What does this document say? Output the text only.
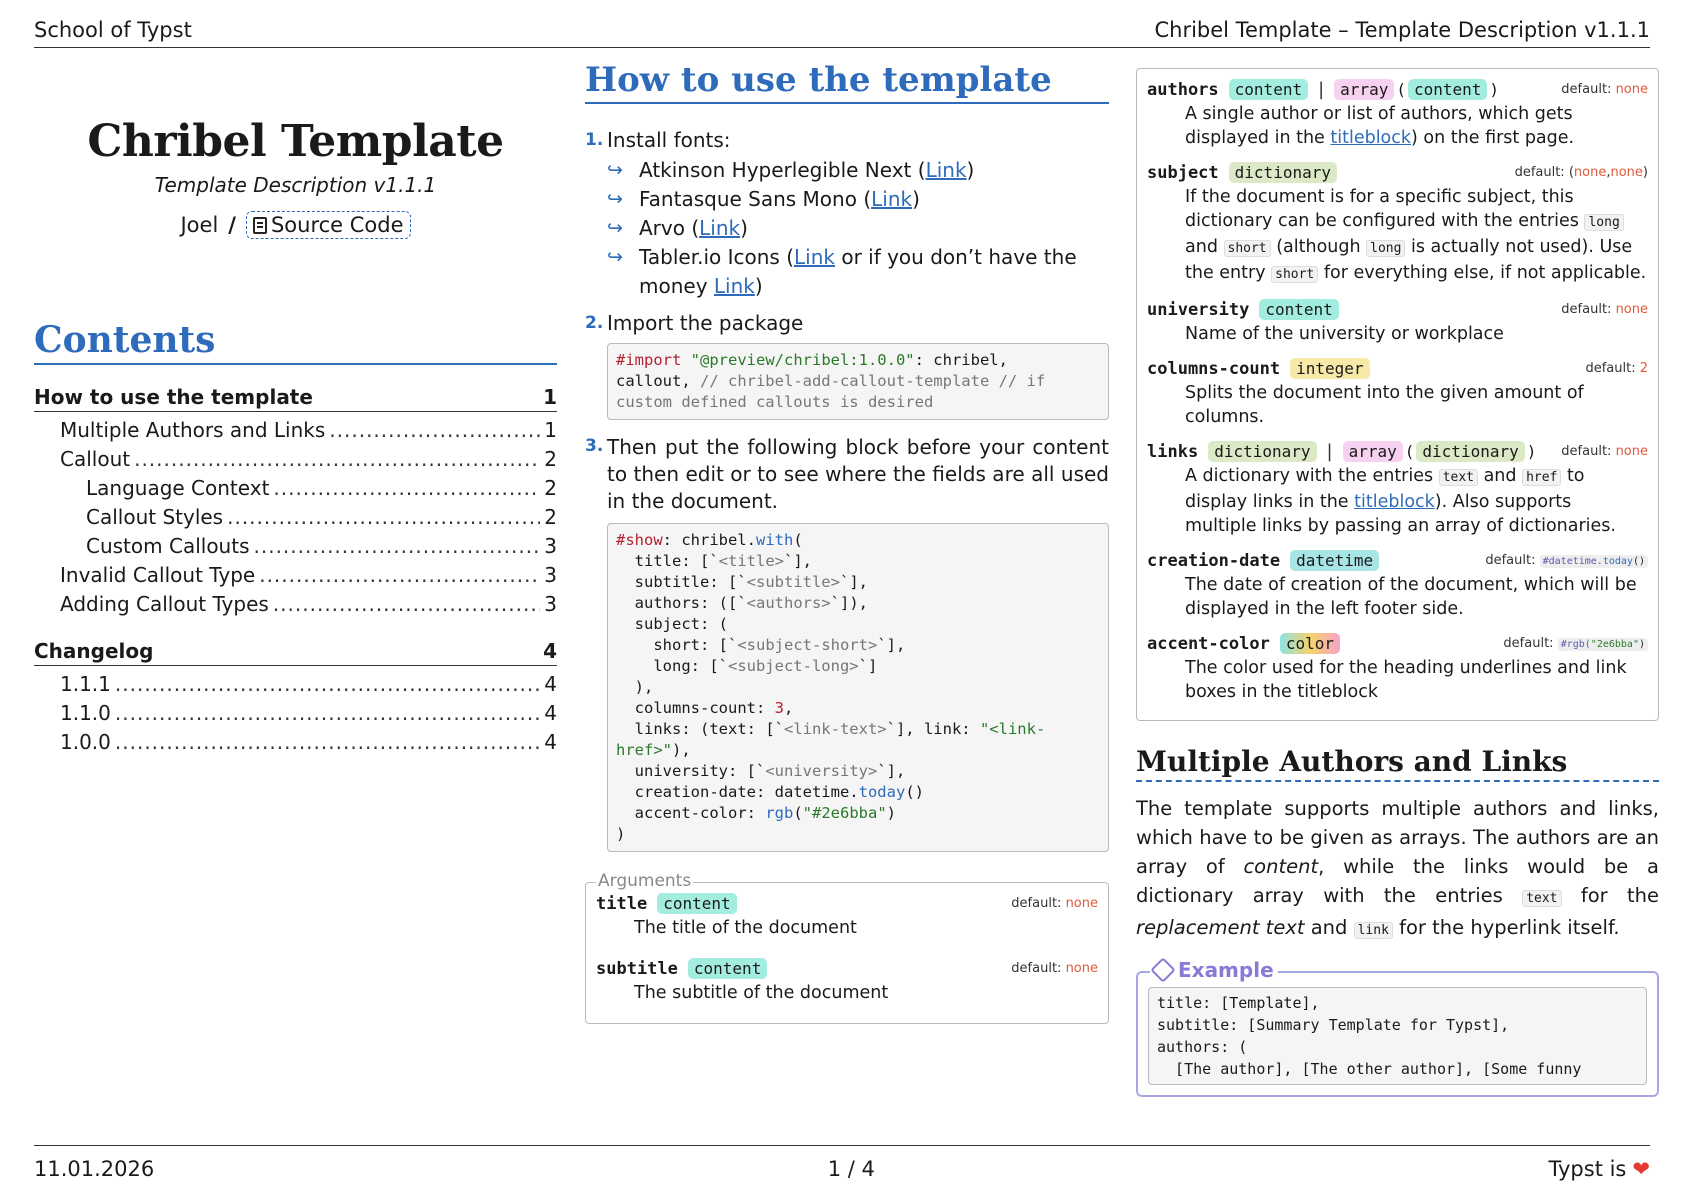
School of Typst	Chribel Template – Template Description v1.1.1
Chribel Template
Template Description v1.1.1
Joel / Source Code
Contents
How to use the template	1
Multiple Authors and Links .....	1
Callout .....	2
Language Context .....	2
Callout Styles .....	2
Custom Callouts .....	3
Invalid Callout Type .....	3
Adding Callout Types .....	3
Changelog	4
1.1.1 .....	4
1.1.0 .....	4
1.0.0 .....	4
How to use the template
1. Install fonts:
↪ Atkinson Hyperlegible Next (Link)
↪ Fantasque Sans Mono (Link)
↪ Arvo (Link)
↪ Tabler.io Icons (Link or if you don’t have the money Link)
2. Import the package
#import "@preview/chribel:1.0.0": chribel,
callout, // chribel-add-callout-template // if custom defined callouts is desired
3. Then put the following block before your content to then edit or to see where the fields are all used in the document.
#show: chribel.with(
title: [`<title>`],
subtitle: [`<subtitle>`],
authors: ([`<authors>`]),
subject: (
short: [`<subject-short>`],
long: [`<subject-long>`]
),
columns-count: 3,
links: (text: [`<link-text>`], link: "<link-href>"),
university: [`<university>`],
creation-date: datetime.today()
accent-color: rgb("#2e6bba")
)
Arguments
title	content	default: none
The title of the document
subtitle	content	default: none
The subtitle of the document
authors	content |	array ( content )	default: none
A single author or list of authors, which gets displayed in the titleblock) on the first page.
subject	dictionary	default: (none,none)
If the document is for a specific subject, this dictionary can be configured with the entries long and short (although long is actually not used). Use the entry short for everything else, if not applicable.
university	content	default: none
Name of the university or workplace
columns-count	integer	default: 2
Splits the document into the given amount of columns.
links	dictionary |	array ( dictionary ) default: none
A dictionary with the entries text and href to display links in the titleblock). Also supports multiple links by passing an array of dictionaries.
creation-date	datetime	default: #datetime.today()
The date of creation of the document, which will be displayed in the left footer side.
accent-color	color	default: #rgb("2e6bba")
The color used for the heading underlines and link boxes in the titleblock
Multiple Authors and Links
The template supports multiple authors and links, which have to be given as arrays. The authors are an array of content, while the links would be a dictionary array with the entries text for the replacement text and link for the hyperlink itself.
Example
title: [Template],
subtitle: [Summary Template for Typst],
authors: (
[The author], [The other author], [Some funny
11.01.2026	1 / 4	Typst is ❤
